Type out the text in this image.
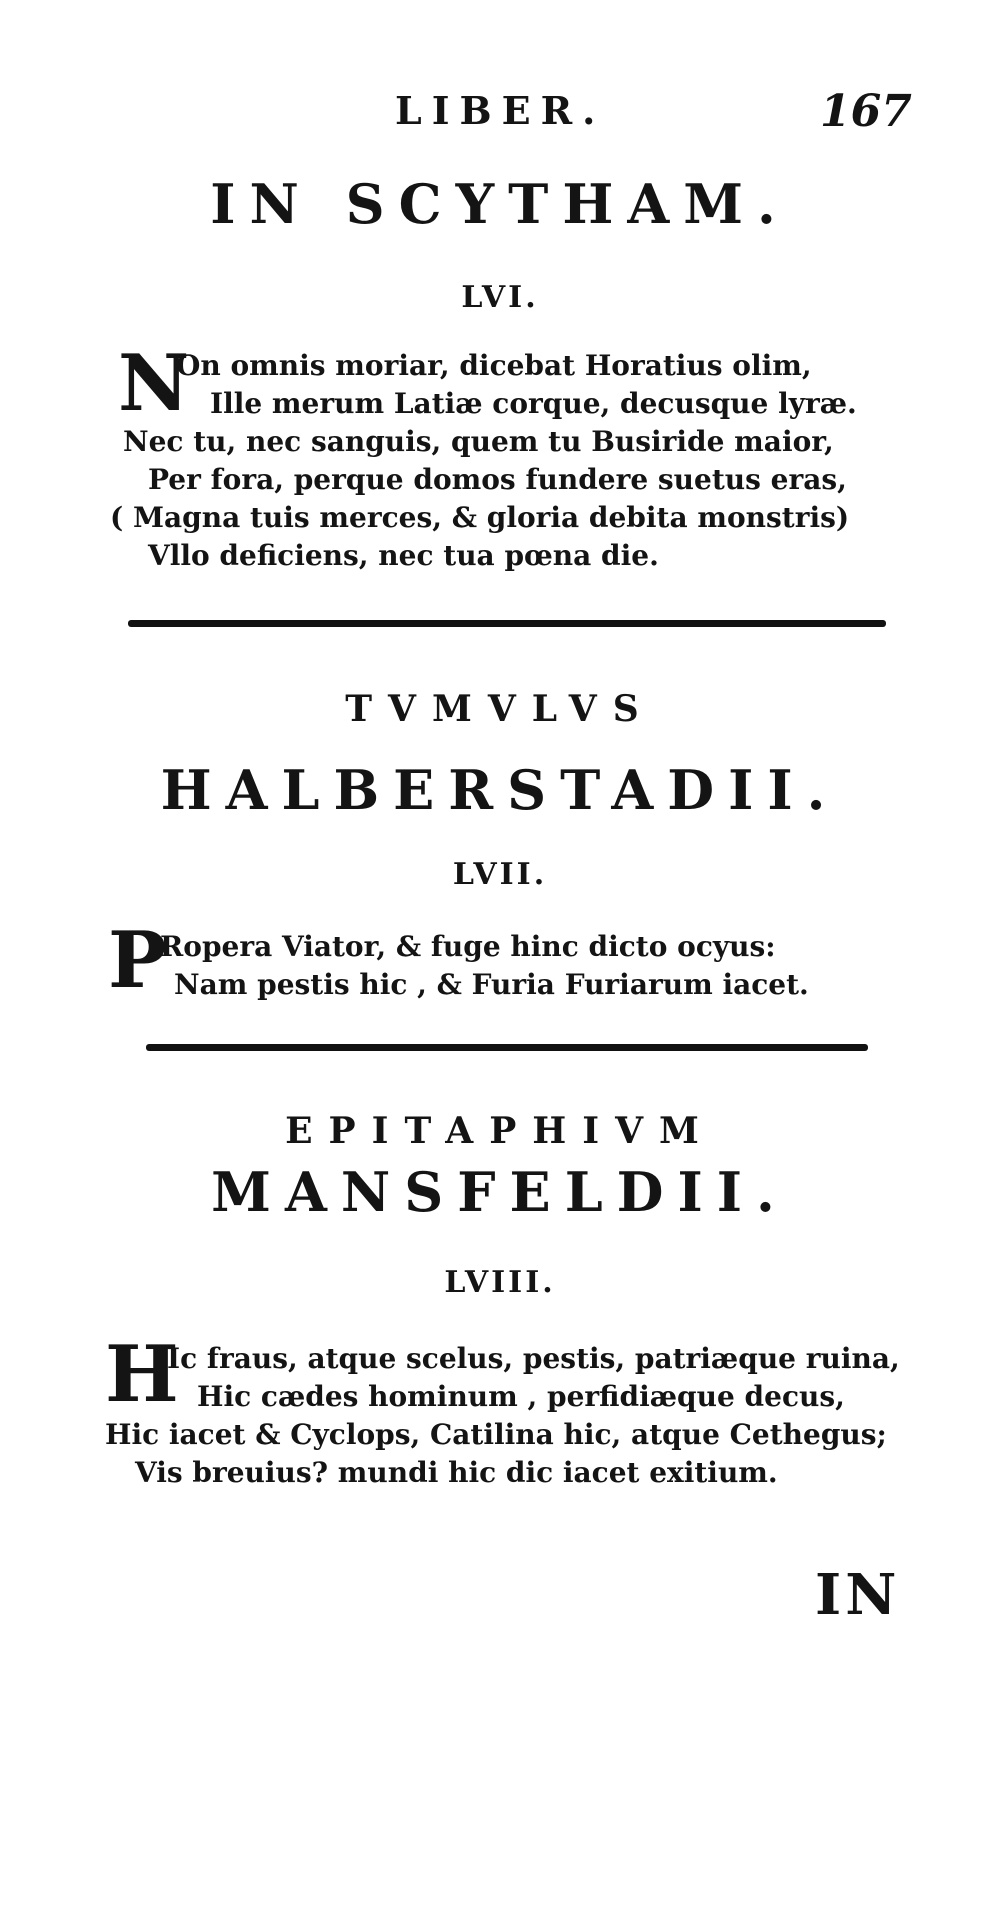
LIBER.	167
IN SCYTHAM.
LVI.
N
On omnis moriar, dicebat Horatius olim,
Ille merum Latiæ corque, decusque lyræ.
Nec tu, nec sanguis, quem tu Busiride maior,
Per fora, perque domos fundere suetus eras,
( Magna tuis merces, & gloria debita monstris)
Vllo deficiens, nec tua pœna die.
TVMVLVS
HALBERSTADII.
LVII.
P
Ropera Viator, & fuge hinc dicto ocyus:
Nam pestis hic , & Furia Furiarum iacet.
EPITAPHIVM
MANSFELDII.
LVIII.
H
Ic fraus, atque scelus, pestis, patriæque ruina,
Hic cædes hominum , perfidiæque decus,
Hic iacet & Cyclops, Catilina hic, atque Cethegus;
Vis breuius? mundi hic dic iacet exitium.
IN
